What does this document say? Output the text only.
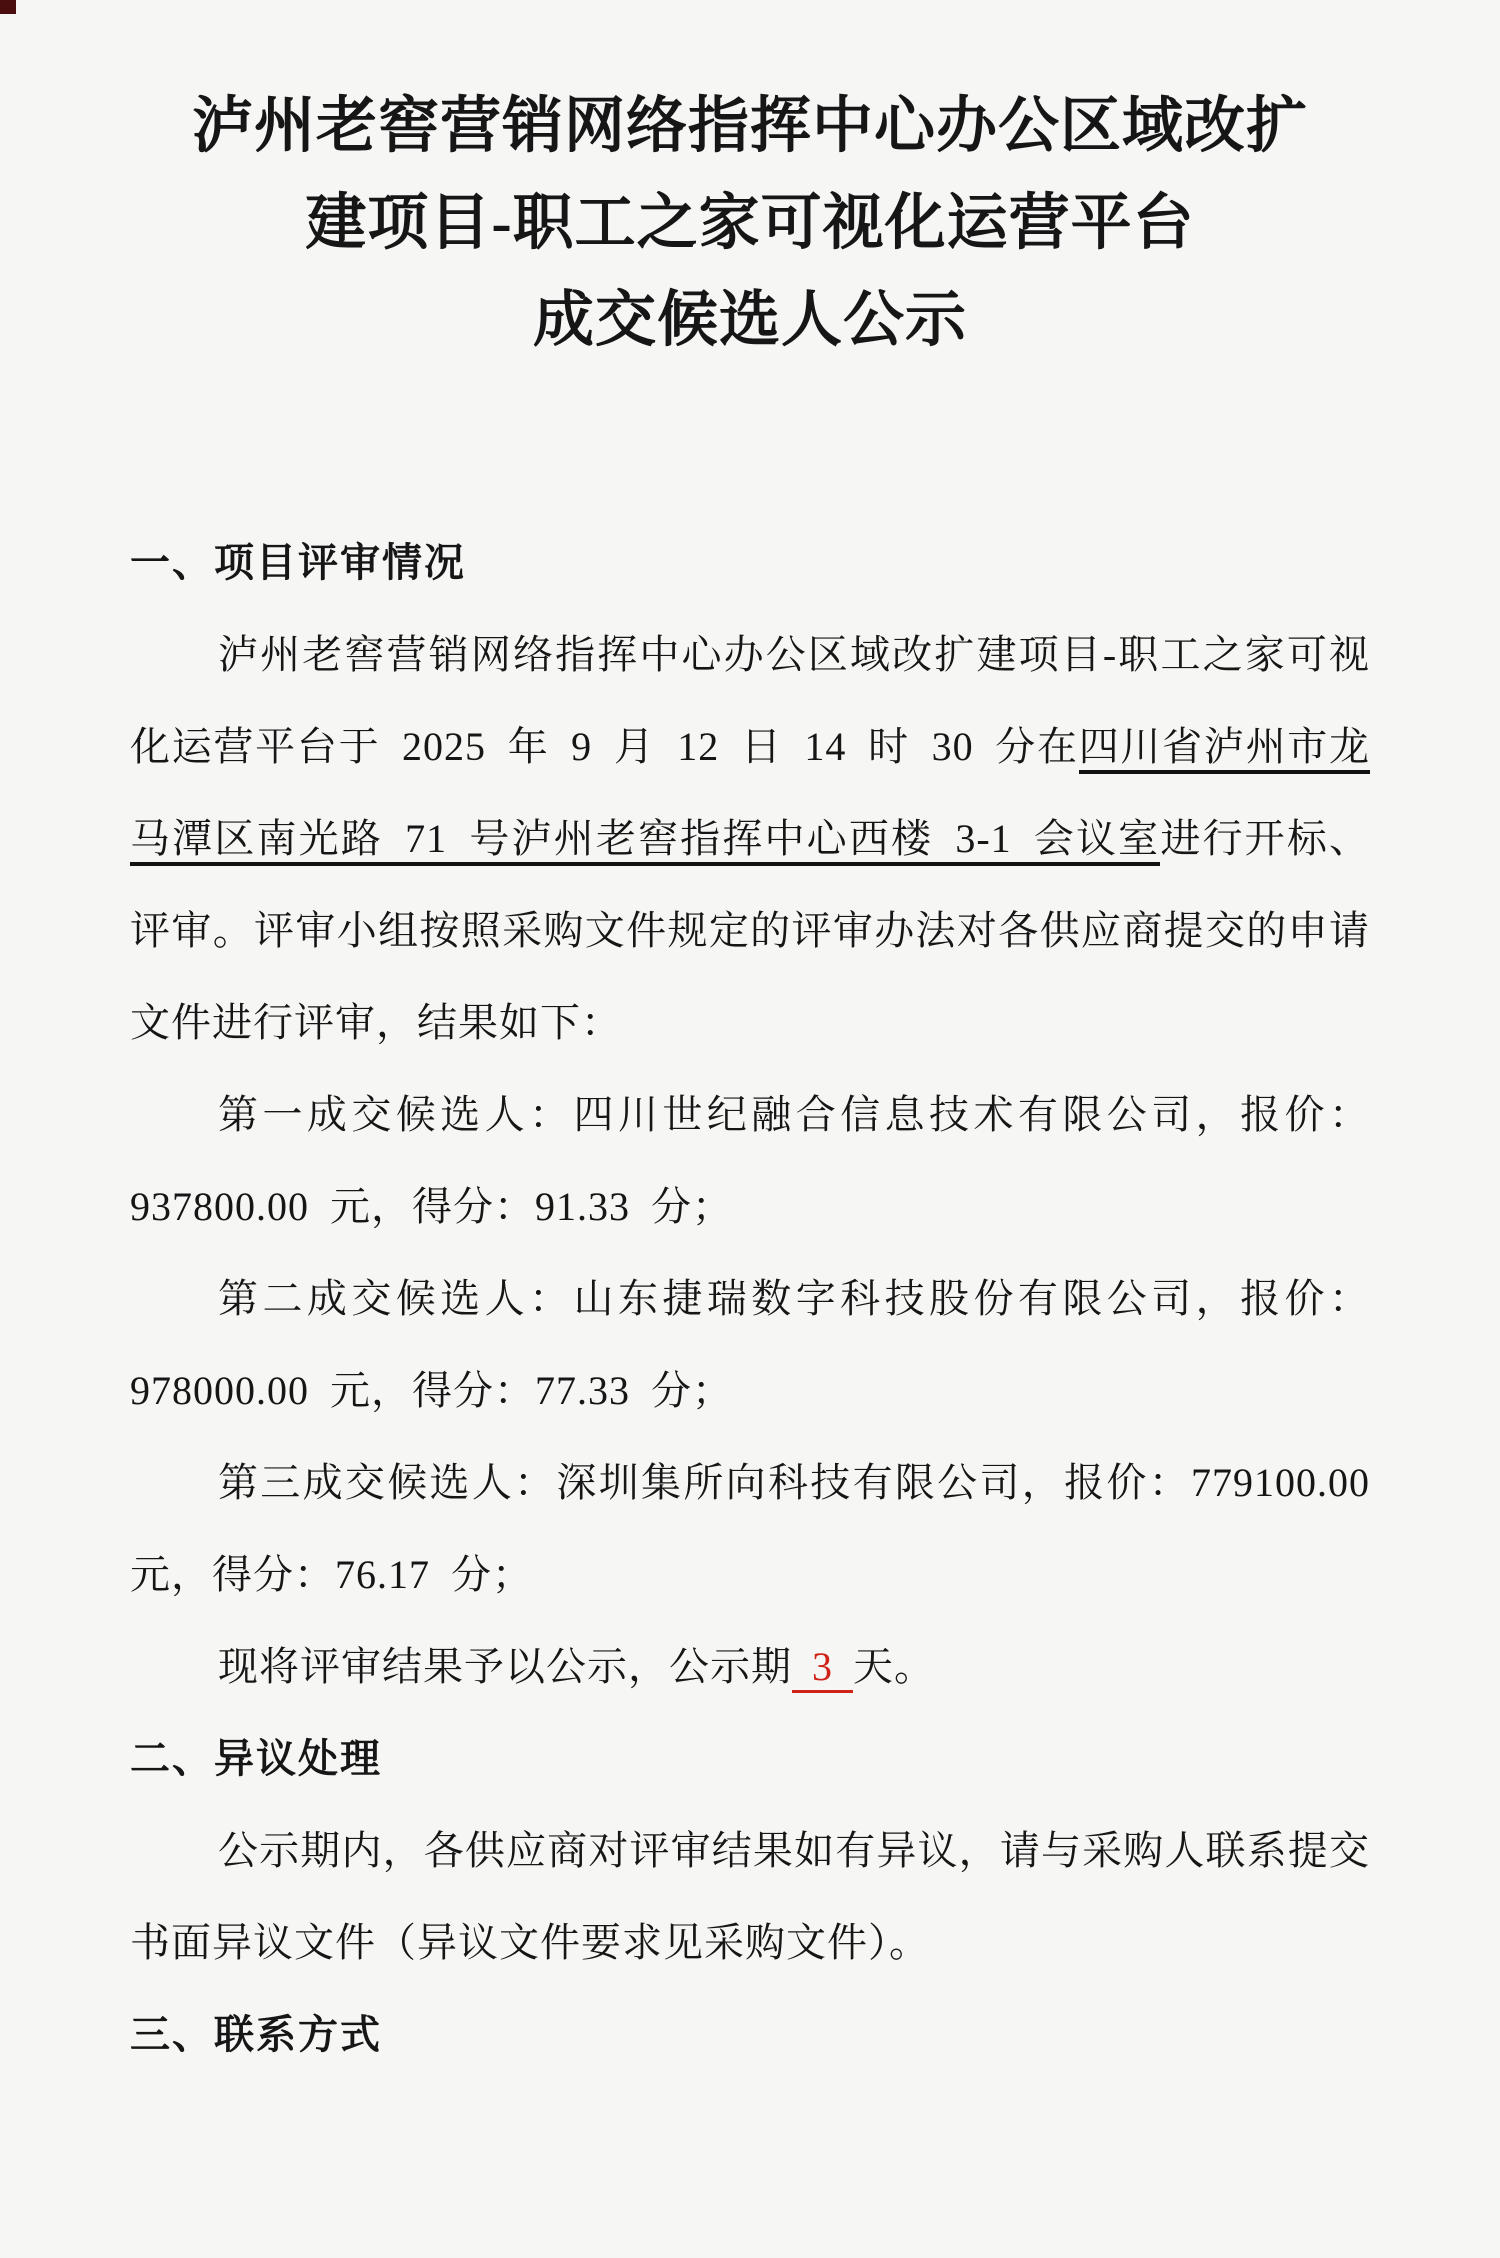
泸州老窖营销网络指挥中心办公区域改扩
建项目-职工之家可视化运营平台
成交候选人公示
一、项目评审情况

泸州老窖营销网络指挥中心办公区域改扩建项目-职工之家可视化运营平台于 2025 年 9 月 12 日 14 时 30 分在四川省泸州市龙马潭区南光路 71 号泸州老窖指挥中心西楼 3-1 会议室进行开标、评审。评审小组按照采购文件规定的评审办法对各供应商提交的申请文件进行评审，结果如下：

第一成交候选人：四川世纪融合信息技术有限公司，报价：937800.00 元，得分：91.33 分；

第二成交候选人：山东捷瑞数字科技股份有限公司，报价：978000.00 元，得分：77.33 分；

第三成交候选人：深圳集所向科技有限公司，报价：779100.00 元，得分：76.17 分；

现将评审结果予以公示，公示期 3 天。

二、异议处理

公示期内，各供应商对评审结果如有异议，请与采购人联系提交书面异议文件（异议文件要求见采购文件）。

三、联系方式
